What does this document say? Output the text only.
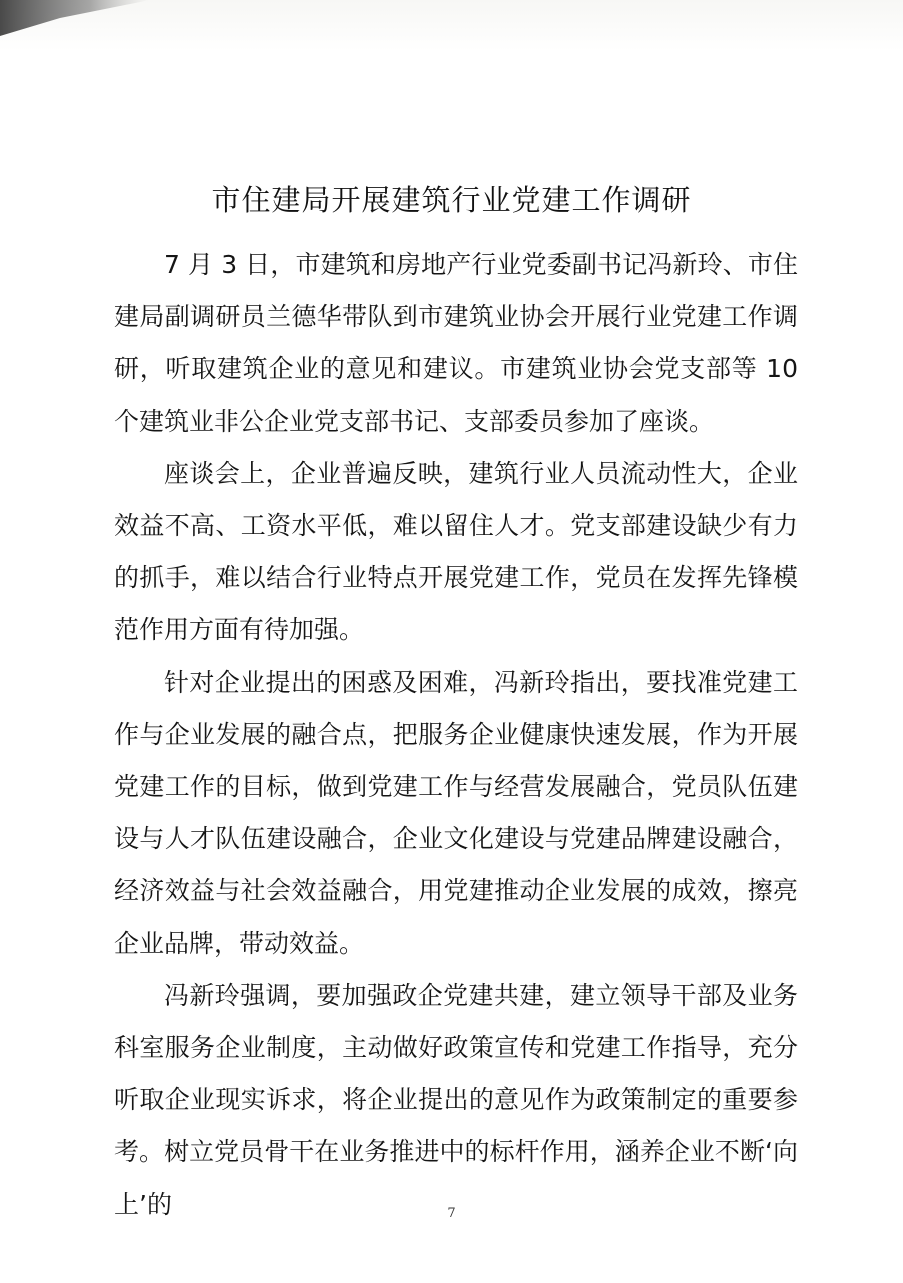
市住建局开展建筑行业党建工作调研

7 月 3 日，市建筑和房地产行业党委副书记冯新玲、市住建局副调研员兰德华带队到市建筑业协会开展行业党建工作调研，听取建筑企业的意见和建议。市建筑业协会党支部等 10 个建筑业非公企业党支部书记、支部委员参加了座谈。

座谈会上，企业普遍反映，建筑行业人员流动性大，企业效益不高、工资水平低，难以留住人才。党支部建设缺少有力的抓手，难以结合行业特点开展党建工作，党员在发挥先锋模范作用方面有待加强。

针对企业提出的困惑及困难，冯新玲指出，要找准党建工作与企业发展的融合点，把服务企业健康快速发展，作为开展党建工作的目标，做到党建工作与经营发展融合，党员队伍建设与人才队伍建设融合，企业文化建设与党建品牌建设融合，经济效益与社会效益融合，用党建推动企业发展的成效，擦亮企业品牌，带动效益。

冯新玲强调，要加强政企党建共建，建立领导干部及业务科室服务企业制度，主动做好政策宣传和党建工作指导，充分听取企业现实诉求，将企业提出的意见作为政策制定的重要参考。树立党员骨干在业务推进中的标杆作用，涵养企业不断‘向上’的	7
